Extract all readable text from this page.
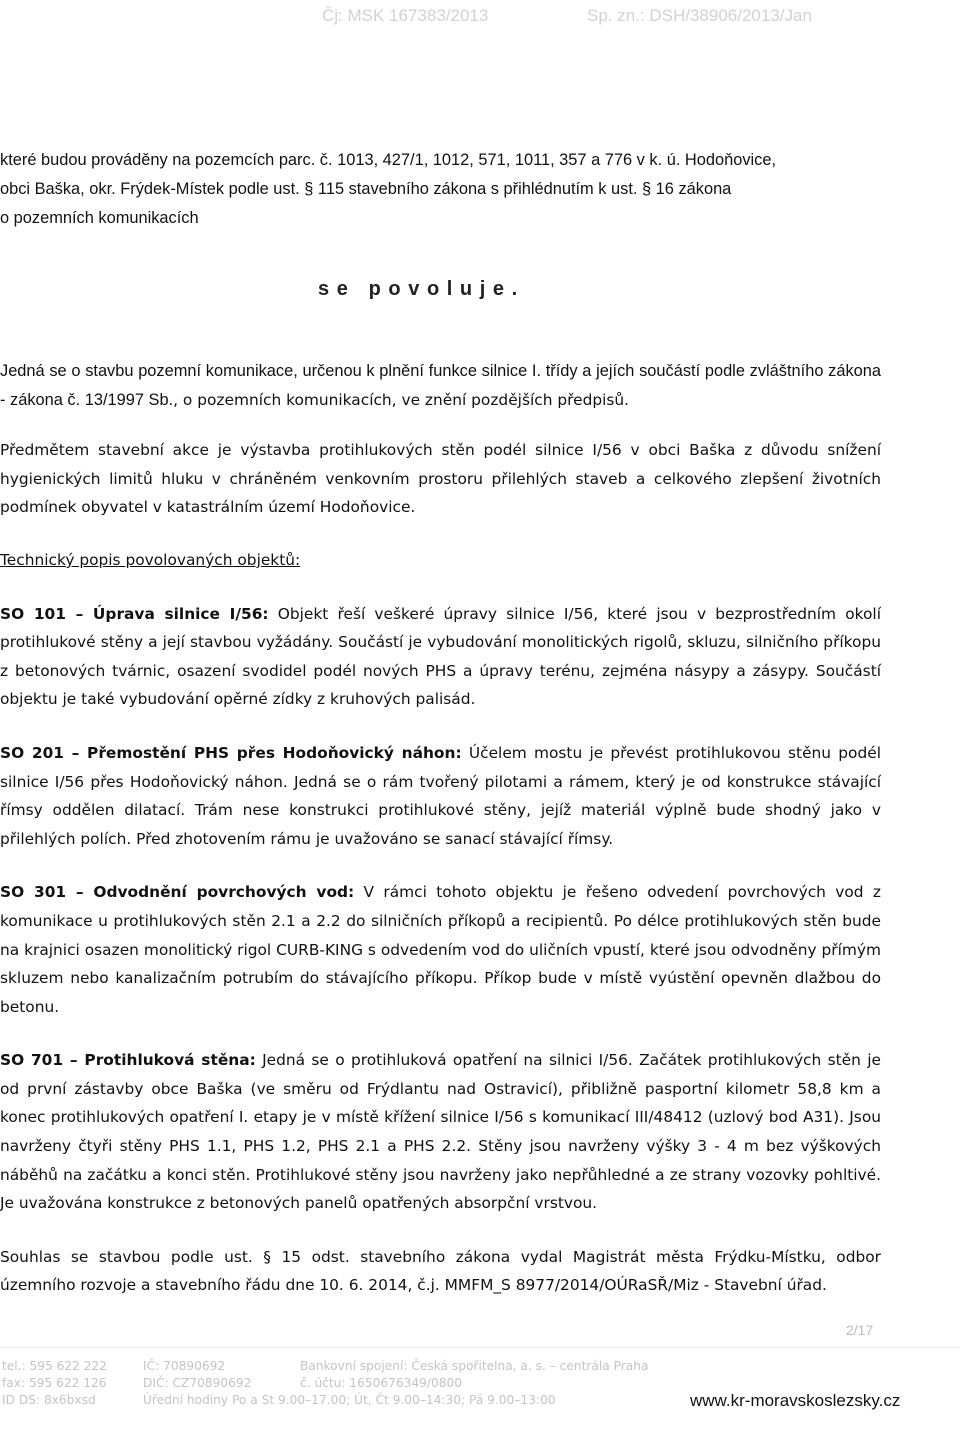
Čj: MSK 167383/2013	Sp. zn.: DSH/38906/2013/Jan

které budou prováděny na pozemcích parc. č. 1013, 427/1, 1012, 571, 1011, 357 a 776 v k. ú. Hodoňovice,
obci Baška, okr. Frýdek-Místek podle ust. § 115 stavebního zákona s přihlédnutím k ust. § 16 zákona
o pozemních komunikacích

Jedná se o stavbu pozemní komunikace, určenou k plnění funkce silnice I. třídy a jejích součástí podle zvláštního zákona - zákona č. 13/1997 Sb., o pozemních komunikacích, ve znění pozdějších předpisů.

Předmětem stavební akce je výstavba protihlukových stěn podél silnice I/56 v obci Baška z důvodu snížení hygienických limitů hluku v chráněném venkovním prostoru přilehlých staveb a celkového zlepšení životních podmínek obyvatel v katastrálním území Hodoňovice.

Technický popis povolovaných objektů:

SO 101 – Úprava silnice I/56: Objekt řeší veškeré úpravy silnice I/56, které jsou v bezprostředním okolí protihlukové stěny a její stavbou vyžádány. Součástí je vybudování monolitických rigolů, skluzu, silničního příkopu z betonových tvárnic, osazení svodidel podél nových PHS a úpravy terénu, zejména násypy a zásypy. Součástí objektu je také vybudování opěrné zídky z kruhových palisád.

SO 201 – Přemostění PHS přes Hodoňovický náhon: Účelem mostu je převést protihlukovou stěnu podél silnice I/56 přes Hodoňovický náhon. Jedná se o rám tvořený pilotami a rámem, který je od konstrukce stávající římsy oddělen dilatací. Trám nese konstrukci protihlukové stěny, jejíž materiál výplně bude shodný jako v přilehlých polích. Před zhotovením rámu je uvažováno se sanací stávající římsy.

SO 301 – Odvodnění povrchových vod: V rámci tohoto objektu je řešeno odvedení povrchových vod z komunikace u protihlukových stěn 2.1 a 2.2 do silničních příkopů a recipientů. Po délce protihlukových stěn bude na krajnici osazen monolitický rigol CURB-KING s odvedením vod do uličních vpustí, které jsou odvodněny přímým skluzem nebo kanalizačním potrubím do stávajícího příkopu. Příkop bude v místě vyústění opevněn dlažbou do betonu.

SO 701 – Protihluková stěna: Jedná se o protihluková opatření na silnici I/56. Začátek protihlukových stěn je od první zástavby obce Baška (ve směru od Frýdlantu nad Ostravicí), přibližně pasportní kilometr 58,8 km a konec protihlukových opatření I. etapy je v místě křížení silnice I/56 s komunikací III/48412 (uzlový bod A31). Jsou navrženy čtyři stěny PHS 1.1, PHS 1.2, PHS 2.1 a PHS 2.2. Stěny jsou navrženy výšky 3 - 4 m bez výškových náběhů na začátku a konci stěn. Protihlukové stěny jsou navrženy jako nepřůhledné a ze strany vozovky pohltivé. Je uvažována konstrukce z betonových panelů opatřených absorpční vrstvou.

Souhlas se stavbou podle ust. § 15 odst. stavebního zákona vydal Magistrát města Frýdku-Místku, odbor územního rozvoje a stavebního řádu dne 10. 6. 2014, č.j. MMFM_S 8977/2014/OÚRaSŘ/Miz - Stavební úřad.

se povoluje.
2/17
tel.: 595 622 222
fax: 595 622 126
ID DS: 8x6bxsd
IČ: 70890692
DIČ: CZ70890692
Úřední hodiny Po a St 9.00–17.00; Út, Čt 9.00–14:30; Pá 9.00–13:00
Bankovní spojení: Česká spořitelna, a. s. – centrála Praha
č. účtu: 1650676349/0800
www.kr-moravskoslezsky.cz
